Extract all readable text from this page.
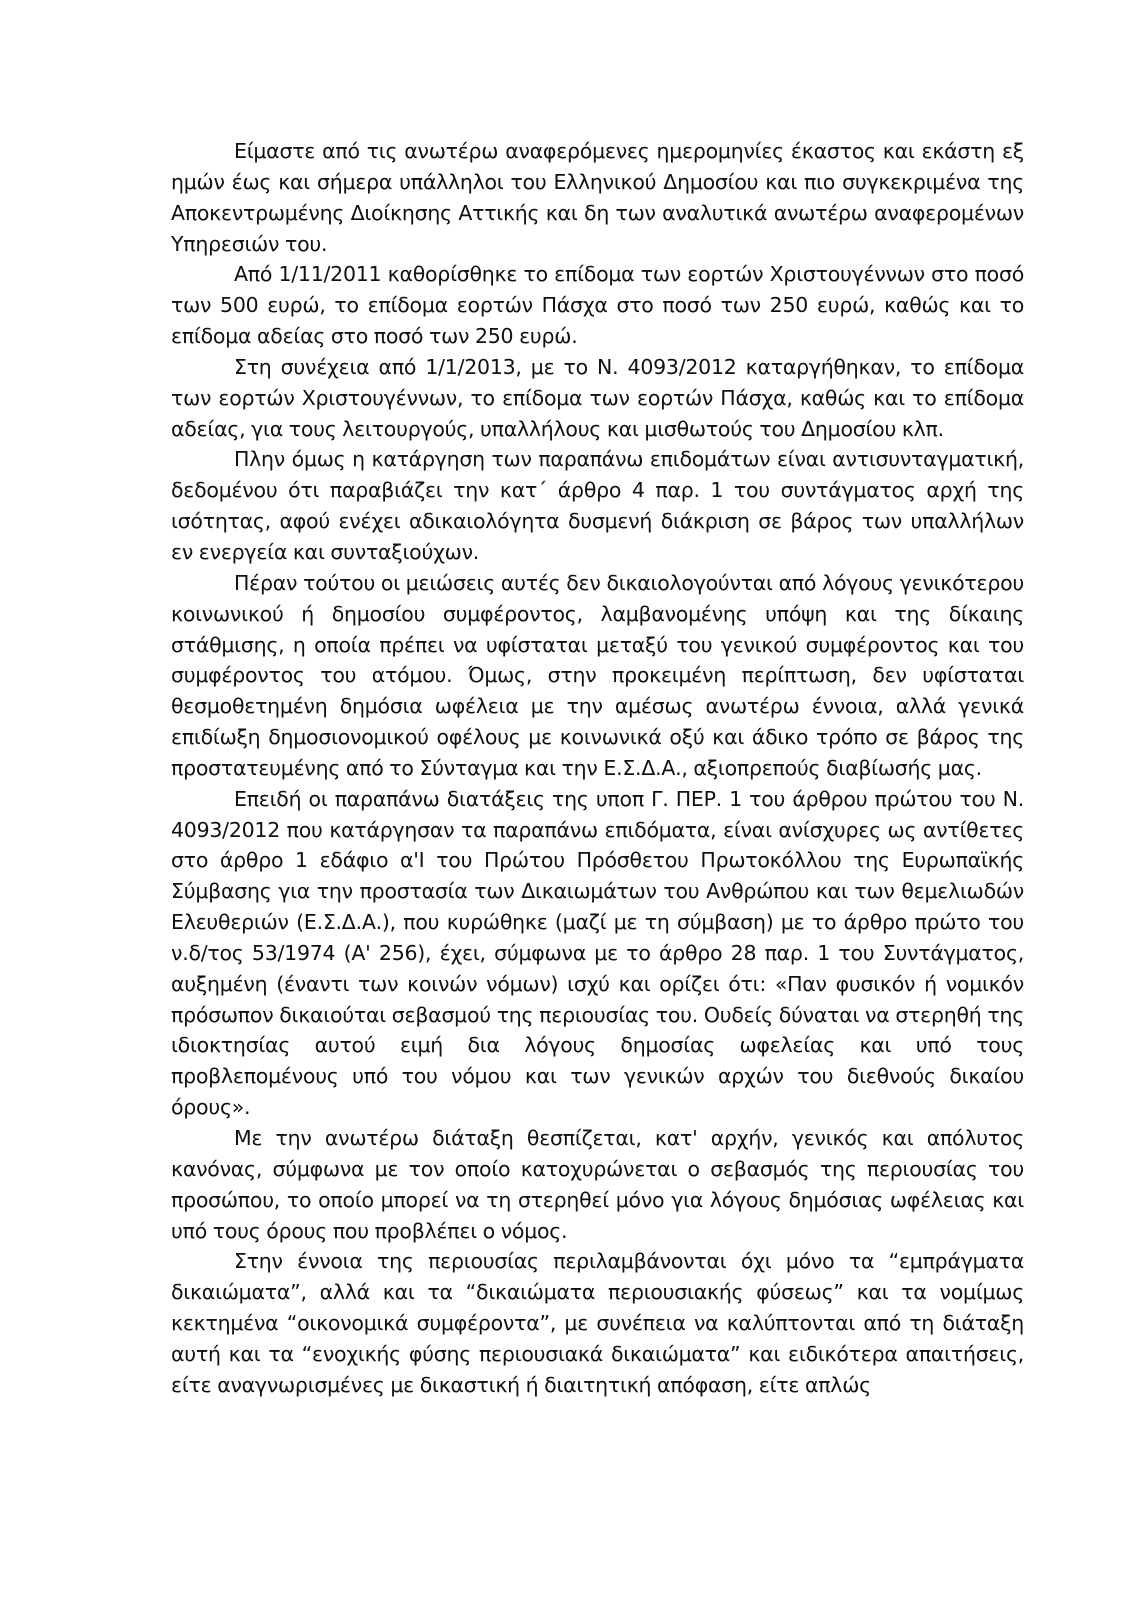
Είμαστε από τις ανωτέρω αναφερόμενες ημερομηνίες έκαστος και εκάστη εξ ημών έως και σήμερα υπάλληλοι του Ελληνικού Δημοσίου και πιο συγκεκριμένα της Αποκεντρωμένης Διοίκησης Αττικής και δη των αναλυτικά ανωτέρω αναφερομένων Υπηρεσιών του.

Από 1/11/2011 καθορίσθηκε το επίδομα των εορτών Χριστουγέννων στο ποσό των 500 ευρώ, το επίδομα εορτών Πάσχα στο ποσό των 250 ευρώ, καθώς και το επίδομα αδείας στο ποσό των 250 ευρώ.

Στη συνέχεια από 1/1/2013, με το Ν. 4093/2012 καταργήθηκαν, το επίδομα των εορτών Χριστουγέννων, το επίδομα των εορτών Πάσχα, καθώς και το επίδομα αδείας, για τους λειτουργούς, υπαλλήλους και μισθωτούς του Δημοσίου κλπ.

Πλην όμως η κατάργηση των παραπάνω επιδομάτων είναι αντισυνταγματική, δεδομένου ότι παραβιάζει την κατ΄ άρθρο 4 παρ. 1 του συντάγματος αρχή της ισότητας, αφού ενέχει αδικαιολόγητα δυσμενή διάκριση σε βάρος των υπαλλήλων εν ενεργεία και συνταξιούχων.

Πέραν τούτου οι μειώσεις αυτές δεν δικαιολογούνται από λόγους γενικότερου κοινωνικού ή δημοσίου συμφέροντος, λαμβανομένης υπόψη και της δίκαιης στάθμισης, η οποία πρέπει να υφίσταται μεταξύ του γενικού συμφέροντος και του συμφέροντος του ατόμου. Όμως, στην προκειμένη περίπτωση, δεν υφίσταται θεσμοθετημένη δημόσια ωφέλεια με την αμέσως ανωτέρω έννοια, αλλά γενικά επιδίωξη δημοσιονομικού οφέλους με κοινωνικά οξύ και άδικο τρόπο σε βάρος της προστατευμένης από το Σύνταγμα και την Ε.Σ.Δ.Α., αξιοπρεπούς διαβίωσής μας.

Επειδή οι παραπάνω διατάξεις της υποπ Γ. ΠΕΡ. 1 του άρθρου πρώτου του Ν. 4093/2012 που κατάργησαν τα παραπάνω επιδόματα, είναι ανίσχυρες ως αντίθετες στο άρθρο 1 εδάφιο α'Ι του Πρώτου Πρόσθετου Πρωτοκόλλου της Ευρωπαϊκής Σύμβασης για την προστασία των Δικαιωμάτων του Ανθρώπου και των θεμελιωδών Ελευθεριών (Ε.Σ.Δ.Α.), που κυρώθηκε (μαζί με τη σύμβαση) με το άρθρο πρώτο του ν.δ/τος 53/1974 (Α' 256), έχει, σύμφωνα με το άρθρο 28 παρ. 1 του Συντάγματος, αυξημένη (έναντι των κοινών νόμων) ισχύ και ορίζει ότι: «Παν φυσικόν ή νομικόν πρόσωπον δικαιούται σεβασμού της περιουσίας του. Ουδείς δύναται να στερηθή της ιδιοκτησίας αυτού ειμή δια λόγους δημοσίας ωφελείας και υπό τους προβλεπομένους υπό του νόμου και των γενικών αρχών του διεθνούς δικαίου όρους».

Με την ανωτέρω διάταξη θεσπίζεται, κατ' αρχήν, γενικός και απόλυτος κανόνας, σύμφωνα με τον οποίο κατοχυρώνεται ο σεβασμός της περιουσίας του προσώπου, το οποίο μπορεί να τη στερηθεί μόνο για λόγους δημόσιας ωφέλειας και υπό τους όρους που προβλέπει ο νόμος.

Στην έννοια της περιουσίας περιλαμβάνονται όχι μόνο τα “εμπράγματα δικαιώματα”, αλλά και τα “δικαιώματα περιουσιακής φύσεως” και τα νομίμως κεκτημένα “οικονομικά συμφέροντα”, με συνέπεια να καλύπτονται από τη διάταξη αυτή και τα “ενοχικής φύσης περιουσιακά δικαιώματα” και ειδικότερα απαιτήσεις, είτε αναγνωρισμένες με δικαστική ή διαιτητική απόφαση, είτε απλώς
